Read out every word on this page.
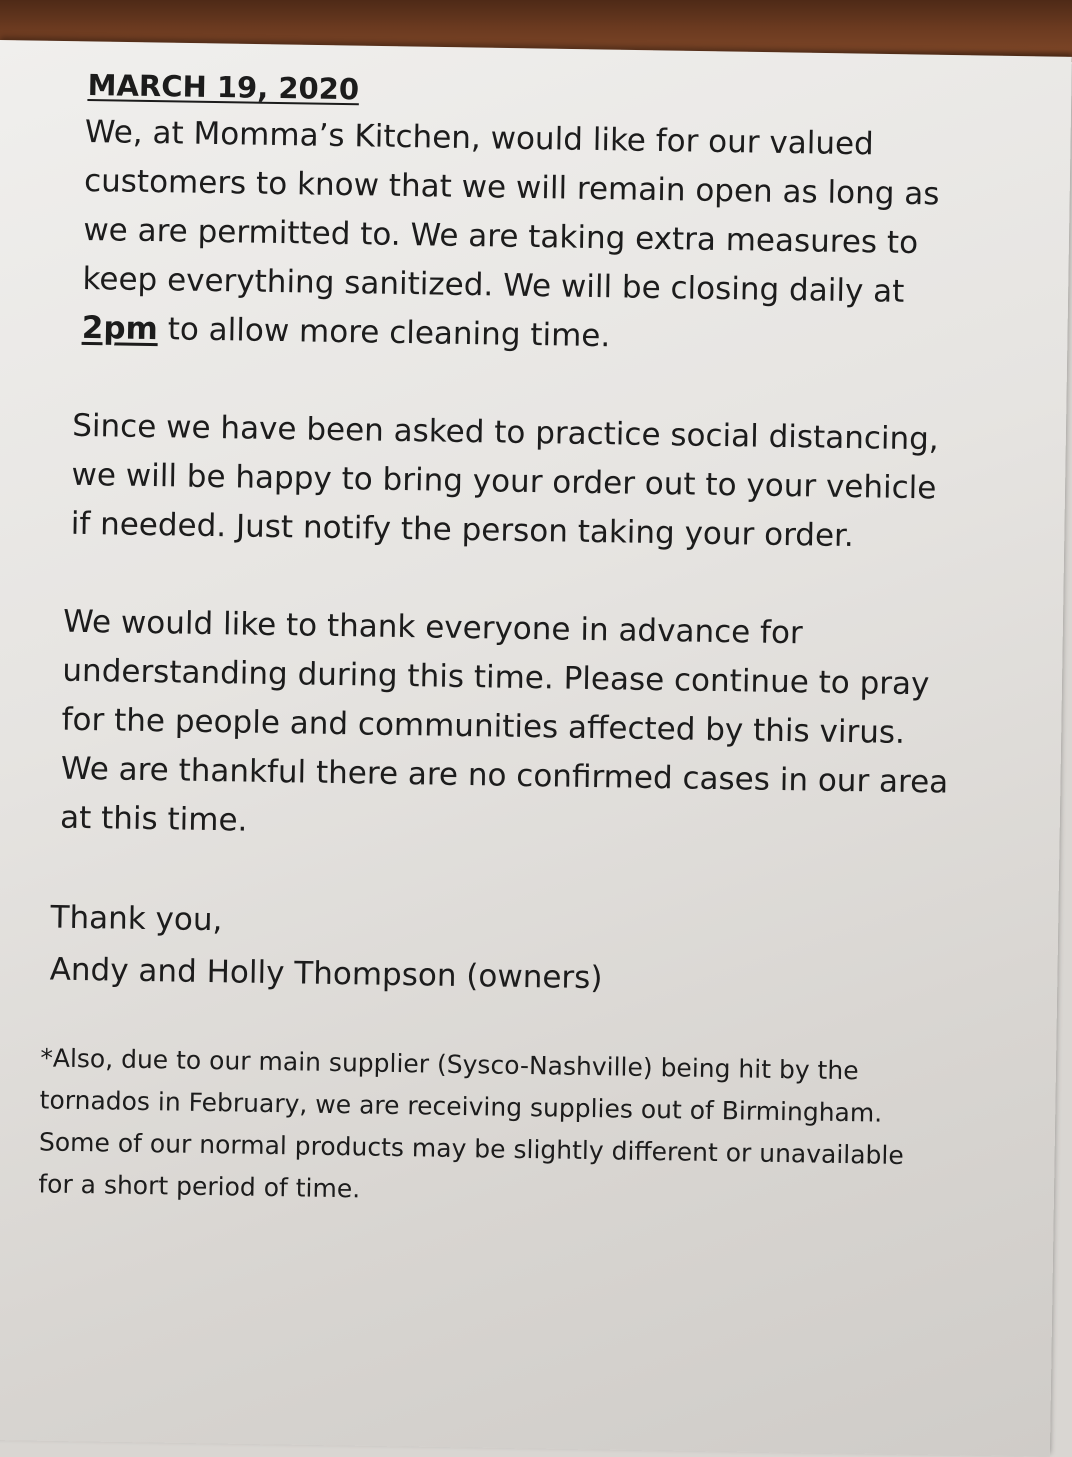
MARCH 19, 2020

We, at Momma’s Kitchen, would like for our valued
customers to know that we will remain open as long as
we are permitted to. We are taking extra measures to
keep everything sanitized. We will be closing daily at
2pm to allow more cleaning time.

Since we have been asked to practice social distancing,
we will be happy to bring your order out to your vehicle
if needed. Just notify the person taking your order.

We would like to thank everyone in advance for
understanding during this time. Please continue to pray
for the people and communities affected by this virus.
We are thankful there are no confirmed cases in our area
at this time.

Thank you,
Andy and Holly Thompson (owners)

*Also, due to our main supplier (Sysco-Nashville) being hit by the
tornados in February, we are receiving supplies out of Birmingham.
Some of our normal products may be slightly different or unavailable
for a short period of time.
